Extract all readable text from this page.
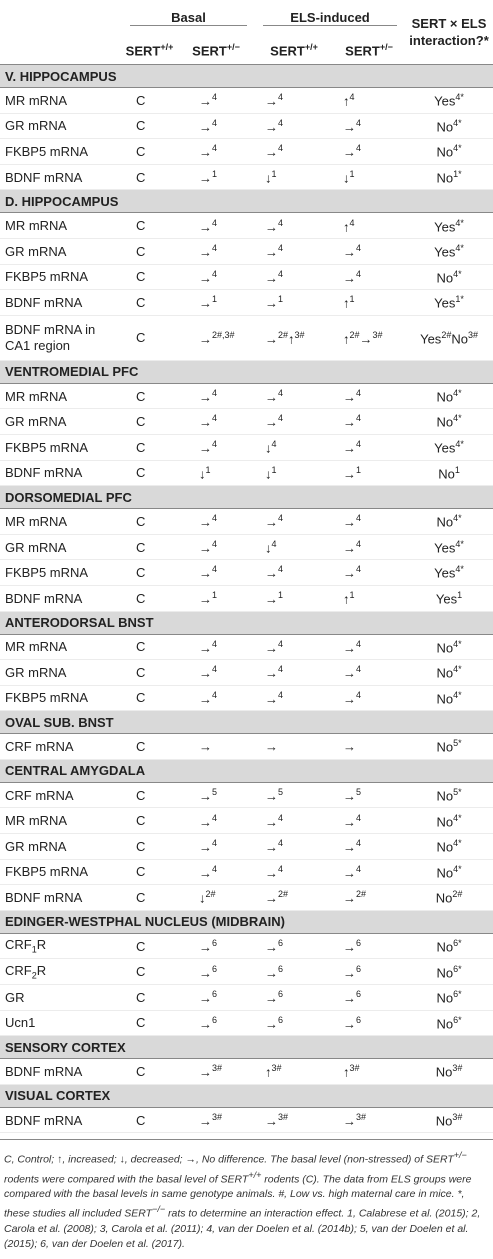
	Basal		ELS-induced		SERT × ELS interaction?*
	SERT+/+	SERT+/−	SERT+/+	SERT+/−
V. HIPPOCAMPUS					
MR mRNA	C	→$^4$	→$^4$	↑$^4$	Yes$^{4*}$
GR mRNA	C	→$^4$	→$^4$	→$^4$	$No^{4*}$
FKBP5 mRNA	C	→$^4$	→$^4$	→$^4$	$No^{4*}$
BDNF mRNA	C	→$^1$	↓$^1$	↓$^1$	$No^{1*}$
D. HIPPOCAMPUS					
MR mRNA	C	→$^4$	→$^4$	↑$^4$	Yes$^{4*}$
GR mRNA	C	→$^4$	→$^4$	→$^4$	Yes$^{4*}$
FKBP5 mRNA	C	→$^4$	→$^4$	→$^4$	$No^{4*}$
BDNF mRNA	C	→$^1$	→$^1$	↑$^1$	Yes$^{1*}$
BDNF mRNA in CA1 region	C	→$^{2\#,3\#}$	→$^{2\#}$↑$^{3\#}$	↑$^{2\#}$→$^{3\#}$	$Yes^{2\#}No^{3\#}$
VENTROMEDIAL PFC					
MR mRNA	C	→$^4$	→$^4$	→$^4$	$No^{4*}$
GR mRNA	C	→$^4$	→$^4$	→$^4$	$No^{4*}$
FKBP5 mRNA	C	→$^4$	↓$^4$	→$^4$	Yes$^{4*}$
BDNF mRNA	C	↓$^1$	↓$^1$	→$^1$	No$^1$
DORSOMEDIAL PFC					
MR mRNA	C	→$^4$	→$^4$	→$^4$	$No^{4*}$
GR mRNA	C	→$^4$	↓$^4$	→$^4$	Yes$^{4*}$
FKBP5 mRNA	C	→$^4$	→$^4$	→$^4$	Yes$^{4*}$
BDNF mRNA	C	→$^1$	→$^1$	↑$^1$	Yes$^1$
ANTERODORSAL BNST					
MR mRNA	C	→$^4$	→$^4$	→$^4$	$No^{4*}$
GR mRNA	C	→$^4$	→$^4$	→$^4$	$No^{4*}$
FKBP5 mRNA	C	→$^4$	→$^4$	→$^4$	$No^{4*}$
OVAL SUB. BNST					
CRF mRNA	C	→	→	→	$No^{5*}$
CENTRAL AMYGDALA					
CRF mRNA	C	→$^5$	→$^5$	→$^5$	$No^{5*}$
MR mRNA	C	→$^4$	→$^4$	→$^4$	$No^{4*}$
GR mRNA	C	→$^4$	→$^4$	→$^4$	$No^{4*}$
FKBP5 mRNA	C	→$^4$	→$^4$	→$^4$	$No^{4*}$
BDNF mRNA	C	↓$^{2\#}$	→$^{2\#}$	→$^{2\#}$	$No^{2\#}$
EDINGER-WESTPHAL NUCLEUS (MIDBRAIN)					
$CRF_1R$	C	→$^6$	→$^6$	→$^6$	$No^{6*}$
$CRF_2R$	C	→$^6$	→$^6$	→$^6$	$No^{6*}$
GR	C	→$^6$	→$^6$	→$^6$	$No^{6*}$
Ucn1	C	→$^6$	→$^6$	→$^6$	$No^{6*}$
SENSORY CORTEX					
BDNF mRNA	C	→$^{3\#}$	↑$^{3\#}$	↑$^{3\#}$	$No^{3\#}$
VISUAL CORTEX					
BDNF mRNA	C	→$^{3\#}$	→$^{3\#}$	→$^{3\#}$	$No^{3\#}$
C, Control; ↑, increased; ↓, decreased; →, No difference. The basal level (non-stressed) of SERT+/− rodents were compared with the basal level of SERT+/+ rodents (C). The data from ELS groups were compared with the basal levels in same genotype animals. #, Low vs. high maternal care in mice. *, these studies all included SERT−/− rats to determine an interaction effect. 1, Calabrese et al. (2015); 2, Carola et al. (2008); 3, Carola et al. (2011); 4, van der Doelen et al. (2014b); 5, van der Doelen et al. (2015); 6, van der Doelen et al. (2017).
